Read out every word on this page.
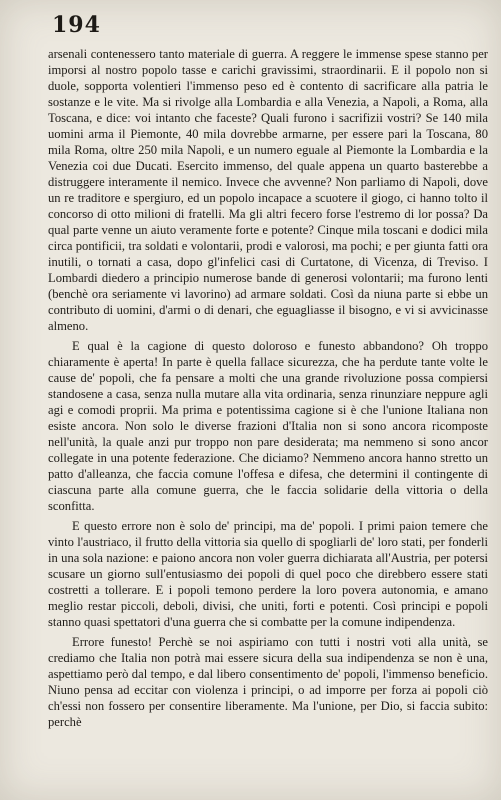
194

arsenali contenessero tanto materiale di guerra. A reggere le immense spese stanno per imporsi al nostro popolo tasse e carichi gravissimi, straordinarii. E il popolo non si duole, sopporta volentieri l'immenso peso ed è contento di sacrificare alla patria le sostanze e le vite. Ma si rivolge alla Lombardia e alla Venezia, a Napoli, a Roma, alla Toscana, e dice: voi intanto che faceste? Quali furono i sacrifizii vostri? Se 140 mila uomini arma il Piemonte, 40 mila dovrebbe armarne, per essere pari la Toscana, 80 mila Roma, oltre 250 mila Napoli, e un numero eguale al Piemonte la Lombardia e la Venezia coi due Ducati. Esercito immenso, del quale appena un quarto basterebbe a distruggere interamente il nemico. Invece che avvenne? Non parliamo di Napoli, dove un re traditore e spergiuro, ed un popolo incapace a scuotere il giogo, ci hanno tolto il concorso di otto milioni di fratelli. Ma gli altri fecero forse l'estremo di lor possa? Da qual parte venne un aiuto veramente forte e potente? Cinque mila toscani e dodici mila circa pontificii, tra soldati e volontarii, prodi e valorosi, ma pochi; e per giunta fatti ora inutili, o tornati a casa, dopo gl'infelici casi di Curtatone, di Vicenza, di Treviso. I Lombardi diedero a principio numerose bande di generosi volontarii; ma furono lenti (benchè ora seriamente vi lavorino) ad armare soldati. Così da niuna parte si ebbe un contributo di uomini, d'armi o di denari, che eguagliasse il bisogno, e vi si avvicinasse almeno.

E qual è la cagione di questo doloroso e funesto abbandono? Oh troppo chiaramente è aperta! In parte è quella fallace sicurezza, che ha perdute tante volte le cause de' popoli, che fa pensare a molti che una grande rivoluzione possa compiersi standosene a casa, senza nulla mutare alla vita ordinaria, senza rinunziare neppure agli agi e comodi proprii. Ma prima e potentissima cagione si è che l'unione Italiana non esiste ancora. Non solo le diverse frazioni d'Italia non si sono ancora ricomposte nell'unità, la quale anzi pur troppo non pare desiderata; ma nemmeno si sono ancor collegate in una potente federazione. Che diciamo? Nemmeno ancora hanno stretto un patto d'alleanza, che faccia comune l'offesa e difesa, che determini il contingente di ciascuna parte alla comune guerra, che le faccia solidarie della vittoria o della sconfitta.

E questo errore non è solo de' principi, ma de' popoli. I primi paion temere che vinto l'austriaco, il frutto della vittoria sia quello di spogliarli de' loro stati, per fonderli in una sola nazione: e paiono ancora non voler guerra dichiarata all'Austria, per potersi scusare un giorno sull'entusiasmo dei popoli di quel poco che direbbero essere stati costretti a tollerare. E i popoli temono perdere la loro povera autonomia, e amano meglio restar piccoli, deboli, divisi, che uniti, forti e potenti. Così principi e popoli stanno quasi spettatori d'una guerra che si combatte per la comune indipendenza.

Errore funesto! Perchè se noi aspiriamo con tutti i nostri voti alla unità, se crediamo che Italia non potrà mai essere sicura della sua indipendenza se non è una, aspettiamo però dal tempo, e dal libero consentimento de' popoli, l'immenso beneficio. Niuno pensa ad eccitar con violenza i principi, o ad imporre per forza ai popoli ciò ch'essi non fossero per consentire liberamente. Ma l'unione, per Dio, si faccia subito: perchè
